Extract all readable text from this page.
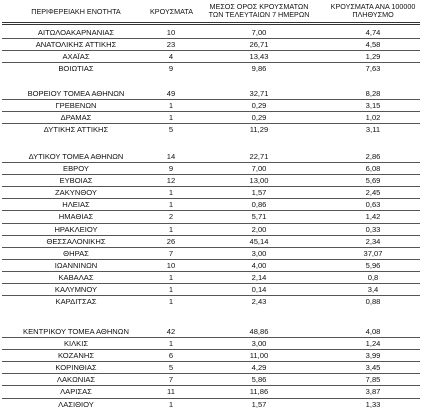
ΠΕΡΙΦΕΡΕΙΑΚΗ ΕΝΟΤΗΤΑ	ΚΡΟΥΣΜΑΤΑ
ΜΕΣΟΣ ΟΡΟΣ ΚΡΟΥΣΜΑΤΩΝ
ΤΩΝ ΤΕΛΕΥΤΑΙΩΝ 7 ΗΜΕΡΩΝ
ΚΡΟΥΣΜΑΤΑ ΑΝΑ 100000
ΠΛΗΘΥΣΜΟ
ΑΙΤΩΛΟΑΚΑΡΝΑΝΙΑΣ	10	7,00	4,74
ΑΝΑΤΟΛΙΚΗΣ ΑΤΤΙΚΗΣ	23	26,71	4,58
ΑΧΑΪΑΣ	4	13,43	1,29
ΒΟΙΩΤΙΑΣ	9	9,86	7,63
ΒΟΡΕΙΟΥ ΤΟΜΕΑ ΑΘΗΝΩΝ	49	32,71	8,28
ΓΡΕΒΕΝΩΝ	1	0,29	3,15
ΔΡΑΜΑΣ	1	0,29	1,02
ΔΥΤΙΚΗΣ ΑΤΤΙΚΗΣ	5	11,29	3,11
ΔΥΤΙΚΟΥ ΤΟΜΕΑ ΑΘΗΝΩΝ	14	22,71	2,86
ΕΒΡΟΥ	9	7,00	6,08
ΕΥΒΟΙΑΣ	12	13,00	5,69
ΖΑΚΥΝΘΟΥ	1	1,57	2,45
ΗΛΕΙΑΣ	1	0,86	0,63
ΗΜΑΘΙΑΣ	2	5,71	1,42
ΗΡΑΚΛΕΙΟΥ	1	2,00	0,33
ΘΕΣΣΑΛΟΝΙΚΗΣ	26	45,14	2,34
ΘΗΡΑΣ	7	3,00	37,07
ΙΩΑΝΝΙΝΩΝ	10	4,00	5,96
ΚΑΒΑΛΑΣ	1	2,14	0,8
ΚΑΛΥΜΝΟΥ	1	0,14	3,4
ΚΑΡΔΙΤΣΑΣ	1	2,43	0,88
ΚΕΝΤΡΙΚΟΥ ΤΟΜΕΑ ΑΘΗΝΩΝ	42	48,86	4,08
ΚΙΛΚΙΣ	1	3,00	1,24
ΚΟΖΑΝΗΣ	6	11,00	3,99
ΚΟΡΙΝΘΙΑΣ	5	4,29	3,45
ΛΑΚΩΝΙΑΣ	7	5,86	7,85
ΛΑΡΙΣΑΣ	11	11,86	3,87
ΛΑΣΙΘΙΟΥ	1	1,57	1,33
